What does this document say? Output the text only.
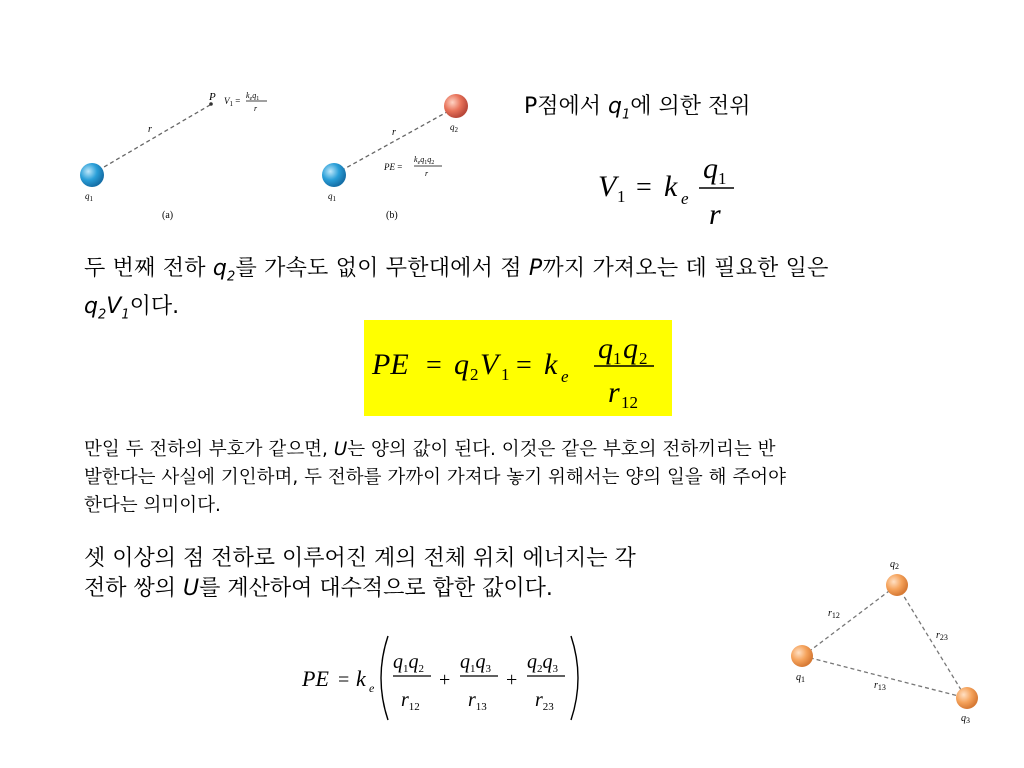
P
r
$q_1$
$V_1$ =
$k_eq_1$
r
(a)
r
$q_1$
$q_2$
PE =
$k_eq_1q_2$
r
(b)
P점에서 $q_1$에 의한 전위
V 1 = k e
q 1
r
두 번째 전하 $q_2$를 가속도 없이 무한대에서 점 P까지 가져오는 데 필요한 일은
$q_2V_1$이다.
PE = q 2 V 1 = k e
q 1 q 2
r 12
만일 두 전하의 부호가 같으면, U는 양의 값이 된다. 이것은 같은 부호의 전하끼리는 반
발한다는 사실에 기인하며, 두 전하를 가까이 가져다 놓기 위해서는 양의 일을 해 주어야
한다는 의미이다.
셋 이상의 점 전하로 이루어진 계의 전체 위치 에너지는 각
전하 쌍의 U를 계산하여 대수적으로 합한 값이다.
PE = k e
$q_1q_2$
$r_{12}$
+
$q_1q_3$
$r_{13}$
+
$q_2q_3$
$r_{23}$
$q_1$
$q_2$
$q_3$
$r_{12}$
$r_{23}$
$r_{13}$
